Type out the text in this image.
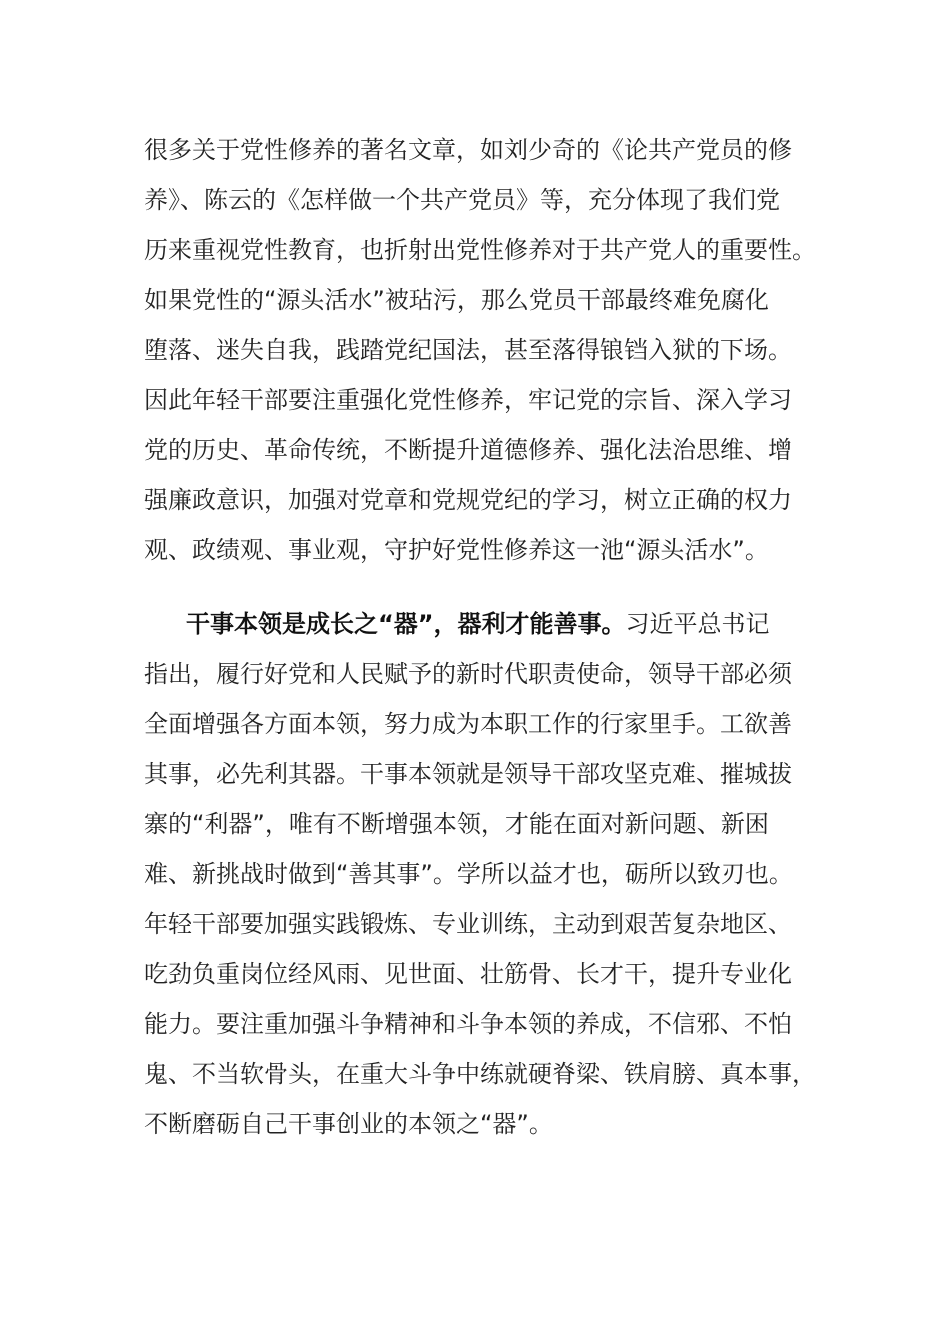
很多关于党性修养的著名文章，如刘少奇的《论共产党员的修
养》、陈云的《怎样做一个共产党员》等，充分体现了我们党
历来重视党性教育，也折射出党性修养对于共产党人的重要性。
如果党性的“源头活水”被玷污，那么党员干部最终难免腐化
堕落、迷失自我，践踏党纪国法，甚至落得锒铛入狱的下场。
因此年轻干部要注重强化党性修养，牢记党的宗旨、深入学习
党的历史、革命传统，不断提升道德修养、强化法治思维、增
强廉政意识，加强对党章和党规党纪的学习，树立正确的权力
观、政绩观、事业观，守护好党性修养这一池“源头活水”。
干事本领是成长之“器”，器利才能善事。习近平总书记
指出，履行好党和人民赋予的新时代职责使命，领导干部必须
全面增强各方面本领，努力成为本职工作的行家里手。工欲善
其事，必先利其器。干事本领就是领导干部攻坚克难、摧城拔
寨的“利器”，唯有不断增强本领，才能在面对新问题、新困
难、新挑战时做到“善其事”。学所以益才也，砺所以致刃也。
年轻干部要加强实践锻炼、专业训练，主动到艰苦复杂地区、
吃劲负重岗位经风雨、见世面、壮筋骨、长才干，提升专业化
能力。要注重加强斗争精神和斗争本领的养成，不信邪、不怕
鬼、不当软骨头，在重大斗争中练就硬脊梁、铁肩膀、真本事，
不断磨砺自己干事创业的本领之“器”。
